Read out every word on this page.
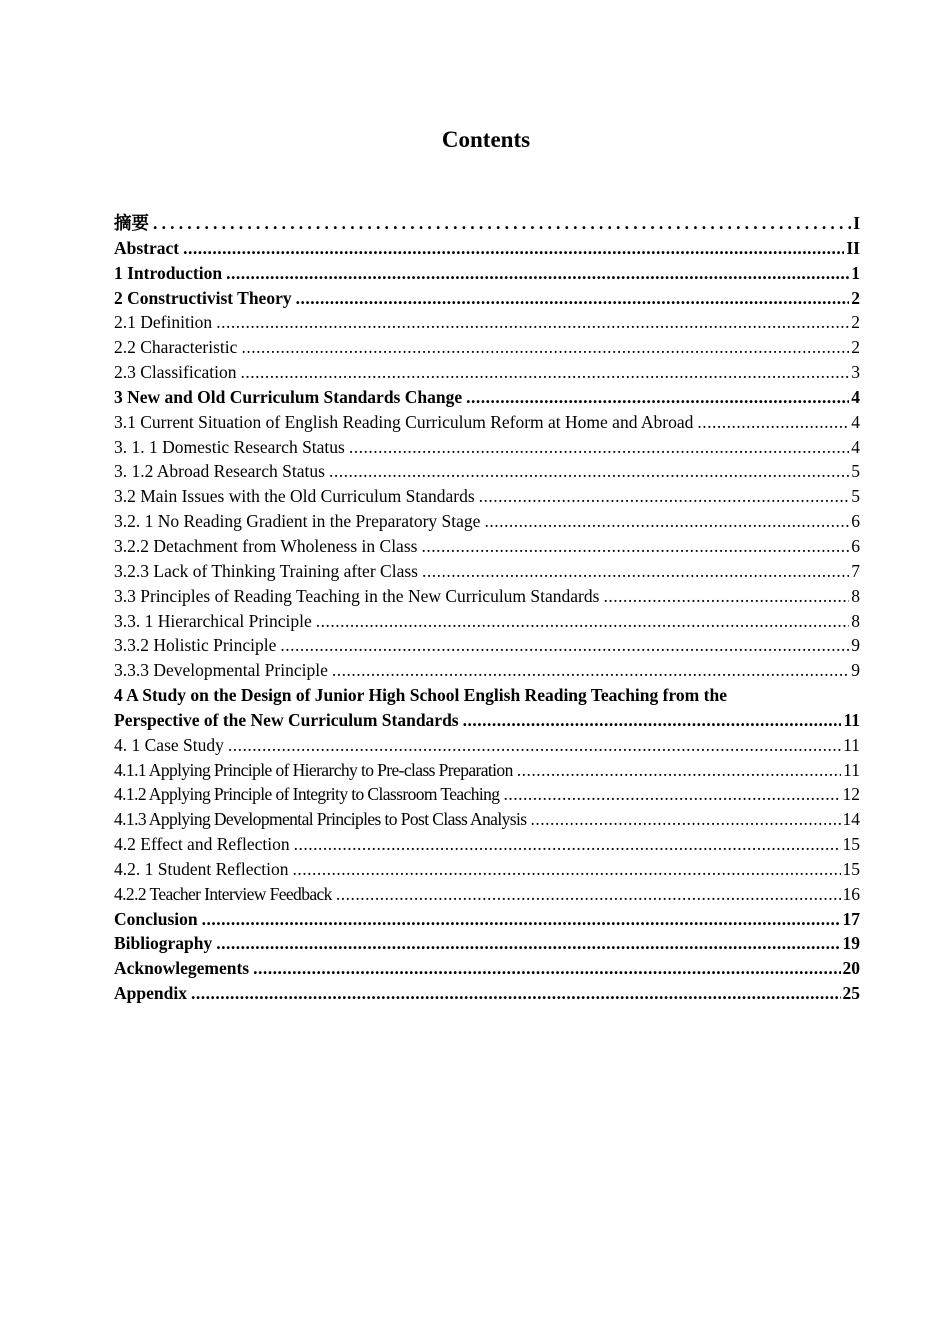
Contents
摘要 .....	I
Abstract .....	II
1 Introduction .....	1
2 Constructivist Theory .....	2
2.1 Definition .....	2
2.2 Characteristic .....	2
2.3 Classification .....	3
3 New and Old Curriculum Standards Change .....	4
3.1 Current Situation of English Reading Curriculum Reform at Home and Abroad .....	4
3. 1. 1 Domestic Research Status .....	4
3. 1.2 Abroad Research Status .....	5
3.2 Main Issues with the Old Curriculum Standards .....	5
3.2. 1 No Reading Gradient in the Preparatory Stage .....	6
3.2.2 Detachment from Wholeness in Class .....	6
3.2.3 Lack of Thinking Training after Class .....	7
3.3 Principles of Reading Teaching in the New Curriculum Standards .....	8
3.3. 1 Hierarchical Principle .....	8
3.3.2 Holistic Principle .....	9
3.3.3 Developmental Principle .....	9
4 A Study on the Design of Junior High School English Reading Teaching from the
Perspective of the New Curriculum Standards .....	11
4. 1 Case Study .....	11
4.1.1 Applying Principle of Hierarchy to Pre-class Preparation .....	11
4.1.2 Applying Principle of Integrity to Classroom Teaching .....	12
4.1.3 Applying Developmental Principles to Post Class Analysis .....	14
4.2 Effect and Reflection .....	15
4.2. 1 Student Reflection .....	15
4.2.2 Teacher Interview Feedback .....	16
Conclusion .....	17
Bibliography .....	19
Acknowlegements .....	20
Appendix .....	25
